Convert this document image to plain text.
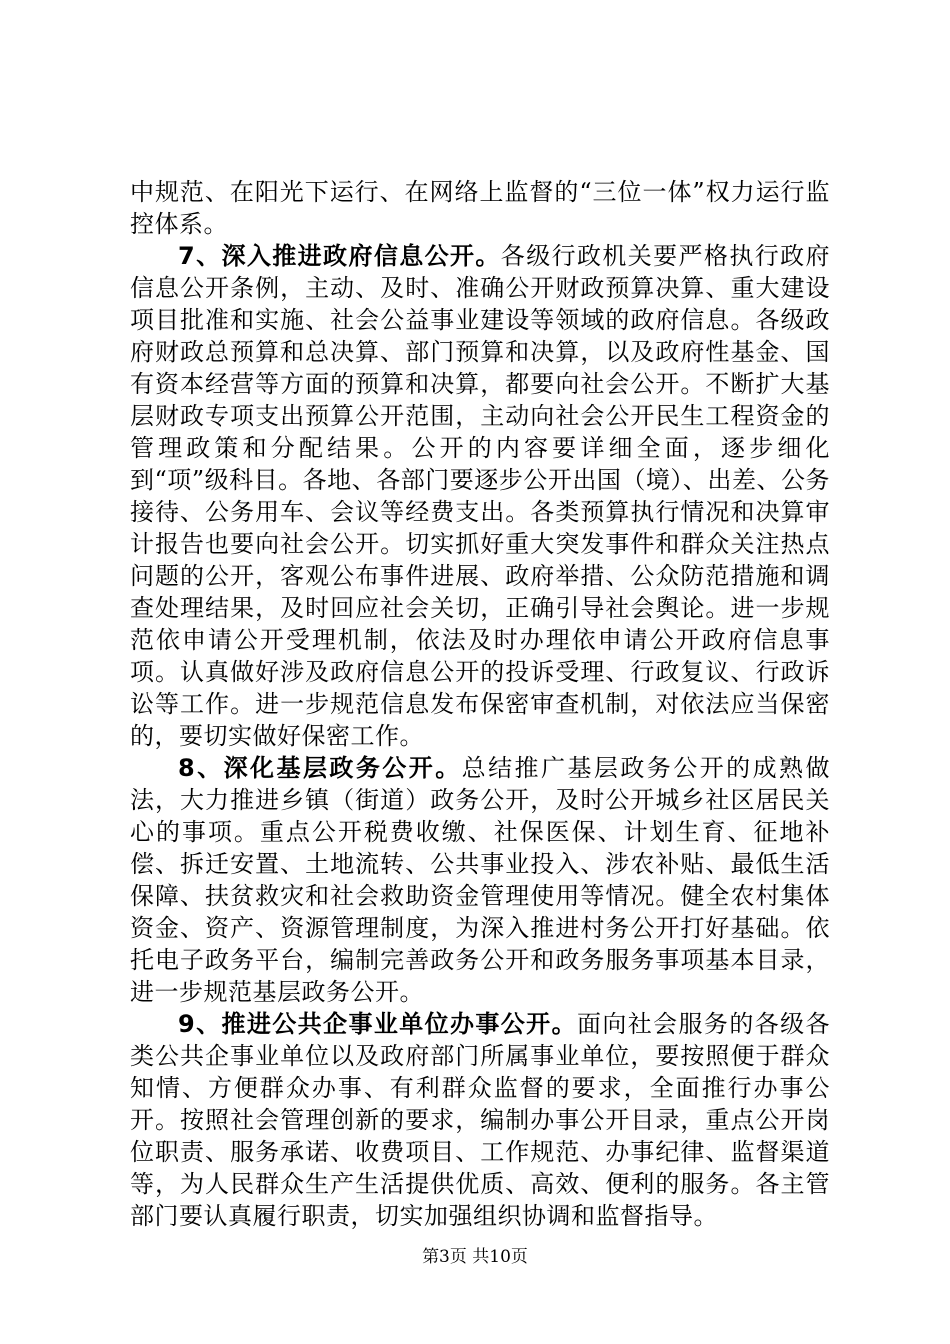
中规范、在阳光下运行、在网络上监督的“三位一体”权力运行监控体系。

7、深入推进政府信息公开。各级行政机关要严格执行政府信息公开条例，主动、及时、准确公开财政预算决算、重大建设项目批准和实施、社会公益事业建设等领域的政府信息。各级政府财政总预算和总决算、部门预算和决算，以及政府性基金、国有资本经营等方面的预算和决算，都要向社会公开。不断扩大基层财政专项支出预算公开范围，主动向社会公开民生工程资金的管理政策和分配结果。公开的内容要详细全面，逐步细化到“项”级科目。各地、各部门要逐步公开出国（境）、出差、公务接待、公务用车、会议等经费支出。各类预算执行情况和决算审计报告也要向社会公开。切实抓好重大突发事件和群众关注热点问题的公开，客观公布事件进展、政府举措、公众防范措施和调查处理结果，及时回应社会关切，正确引导社会舆论。进一步规范依申请公开受理机制，依法及时办理依申请公开政府信息事项。认真做好涉及政府信息公开的投诉受理、行政复议、行政诉讼等工作。进一步规范信息发布保密审查机制，对依法应当保密的，要切实做好保密工作。

8、深化基层政务公开。总结推广基层政务公开的成熟做法，大力推进乡镇（街道）政务公开，及时公开城乡社区居民关心的事项。重点公开税费收缴、社保医保、计划生育、征地补偿、拆迁安置、土地流转、公共事业投入、涉农补贴、最低生活保障、扶贫救灾和社会救助资金管理使用等情况。健全农村集体资金、资产、资源管理制度，为深入推进村务公开打好基础。依托电子政务平台，编制完善政务公开和政务服务事项基本目录，进一步规范基层政务公开。

9、推进公共企事业单位办事公开。面向社会服务的各级各类公共企事业单位以及政府部门所属事业单位，要按照便于群众知情、方便群众办事、有利群众监督的要求，全面推行办事公开。按照社会管理创新的要求，编制办事公开目录，重点公开岗位职责、服务承诺、收费项目、工作规范、办事纪律、监督渠道等，为人民群众生产生活提供优质、高效、便利的服务。各主管部门要认真履行职责，切实加强组织协调和监督指导。

第3页 共10页
